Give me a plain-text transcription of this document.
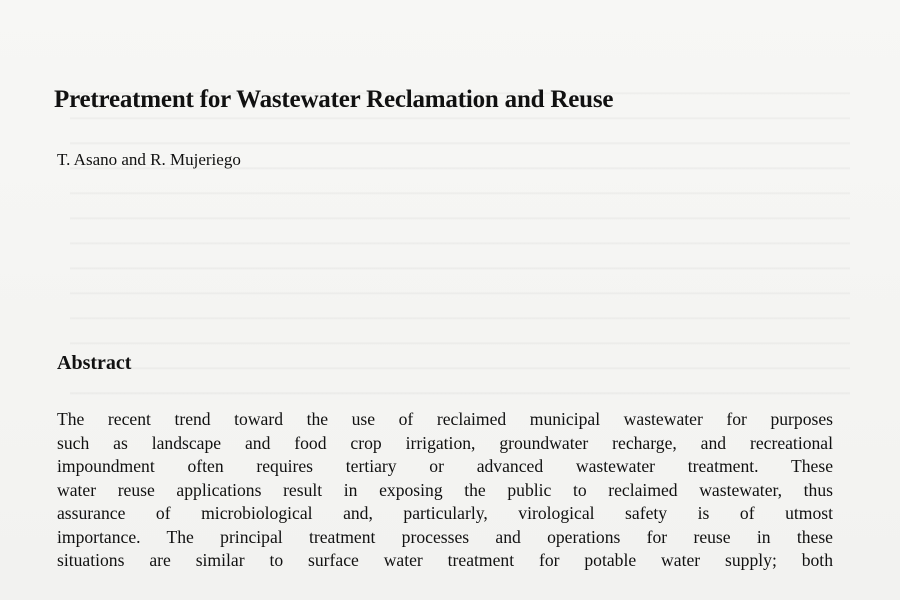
Pretreatment for Wastewater Reclamation and Reuse

T. Asano and R. Mujeriego

Abstract
The recent trend toward the use of reclaimed municipal wastewater for purposes
such as landscape and food crop irrigation, groundwater recharge, and recreational
impoundment often requires tertiary or advanced wastewater treatment. These
water reuse applications result in exposing the public to reclaimed wastewater, thus
assurance of microbiological and, particularly, virological safety is of utmost
importance. The principal treatment processes and operations for reuse in these
situations are similar to surface water treatment for potable water supply; both
